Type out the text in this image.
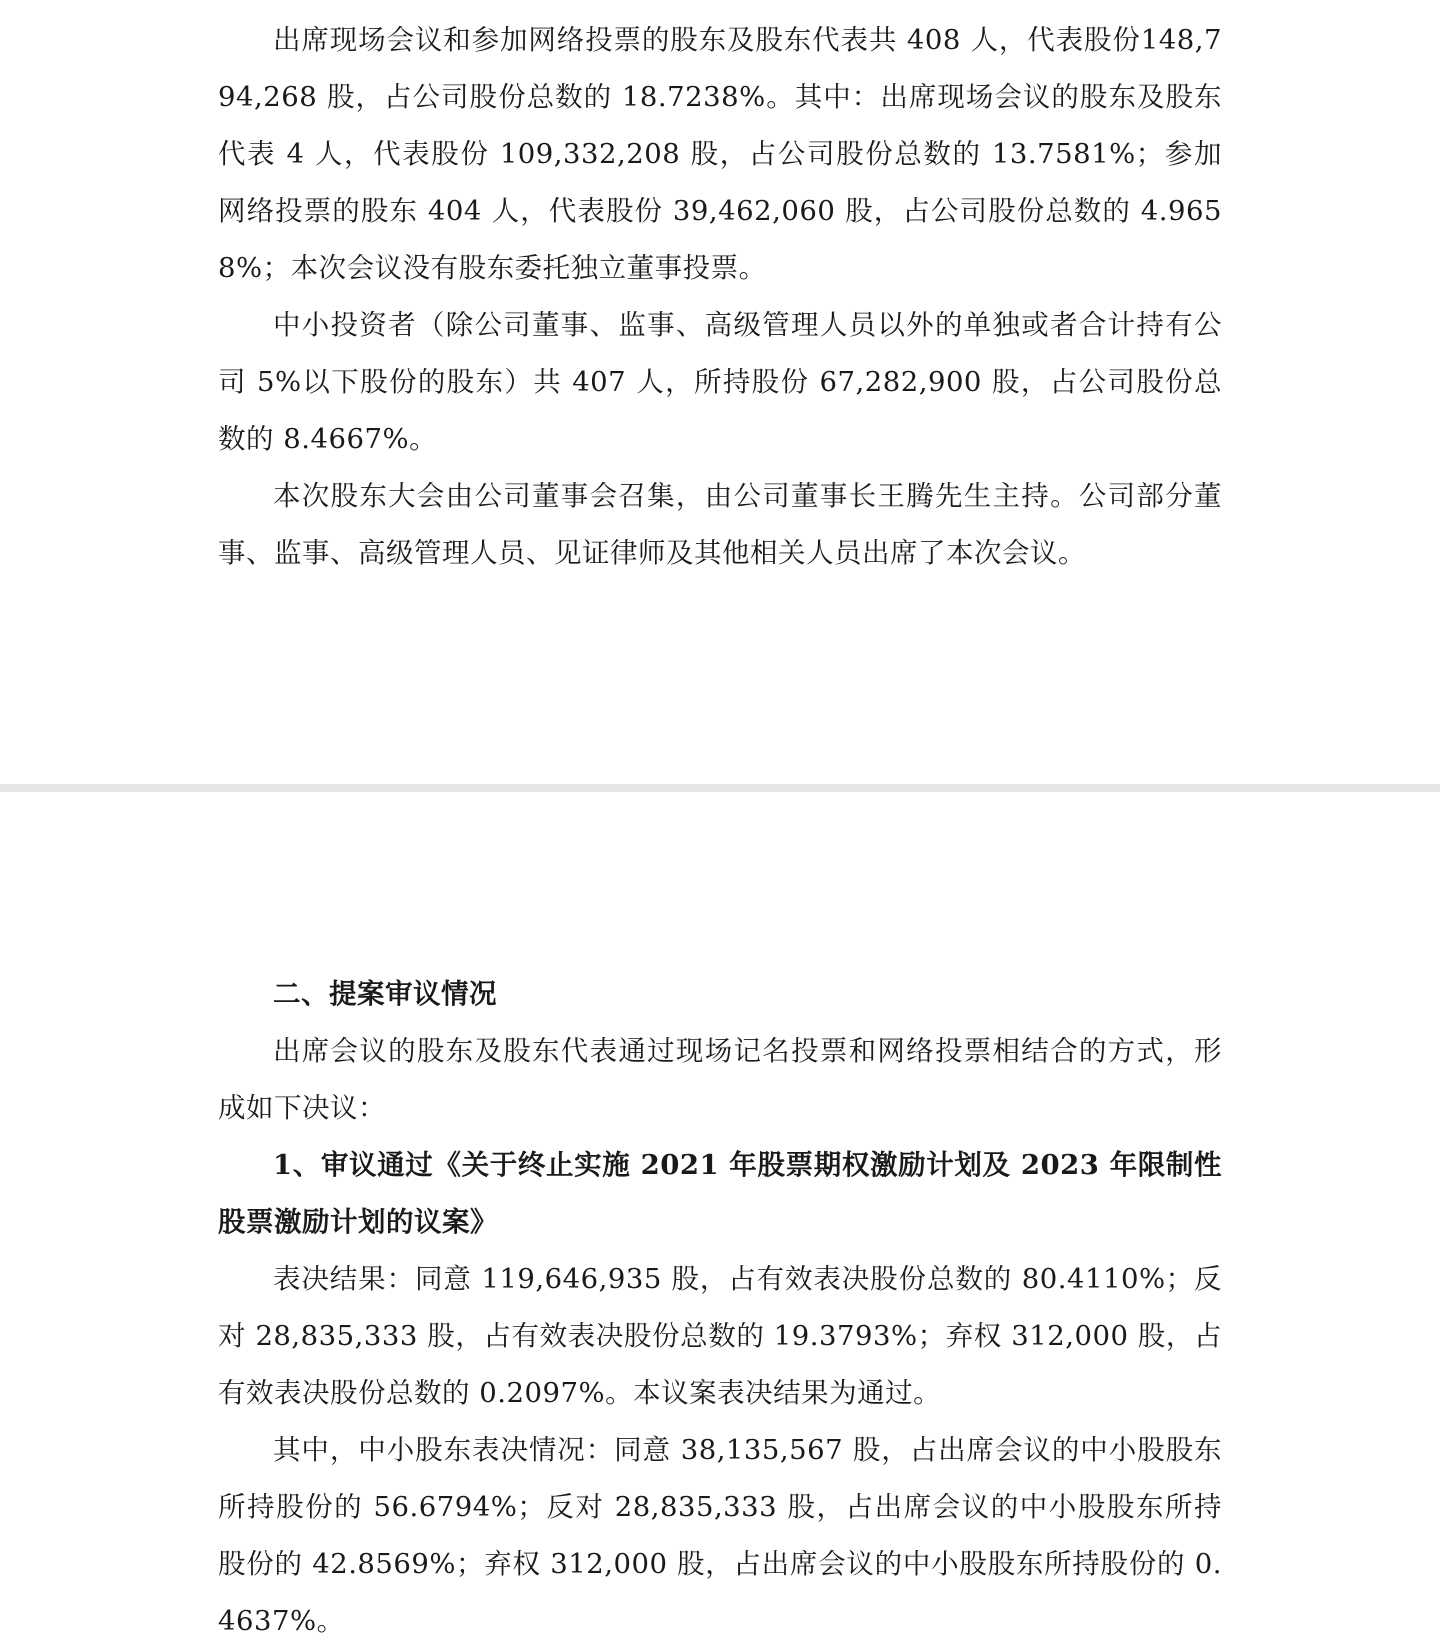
出席现场会议和参加网络投票的股东及股东代表共 408 人，代表股份148,794,268 股，占公司股份总数的 18.7238%。其中：出席现场会议的股东及股东代表 4 人，代表股份 109,332,208 股，占公司股份总数的 13.7581%；参加网络投票的股东 404 人，代表股份 39,462,060 股，占公司股份总数的 4.9658%；本次会议没有股东委托独立董事投票。

中小投资者（除公司董事、监事、高级管理人员以外的单独或者合计持有公司 5%以下股份的股东）共 407 人，所持股份 67,282,900 股，占公司股份总数的 8.4667%。

本次股东大会由公司董事会召集，由公司董事长王腾先生主持。公司部分董事、监事、高级管理人员、见证律师及其他相关人员出席了本次会议。

二、提案审议情况

出席会议的股东及股东代表通过现场记名投票和网络投票相结合的方式，形成如下决议：

1、审议通过《关于终止实施 2021 年股票期权激励计划及 2023 年限制性股票激励计划的议案》

表决结果：同意 119,646,935 股，占有效表决股份总数的 80.4110%；反对 28,835,333 股，占有效表决股份总数的 19.3793%；弃权 312,000 股，占有效表决股份总数的 0.2097%。本议案表决结果为通过。

其中，中小股东表决情况：同意 38,135,567 股，占出席会议的中小股股东所持股份的 56.6794%；反对 28,835,333 股，占出席会议的中小股股东所持股份的 42.8569%；弃权 312,000 股，占出席会议的中小股股东所持股份的 0.4637%。
